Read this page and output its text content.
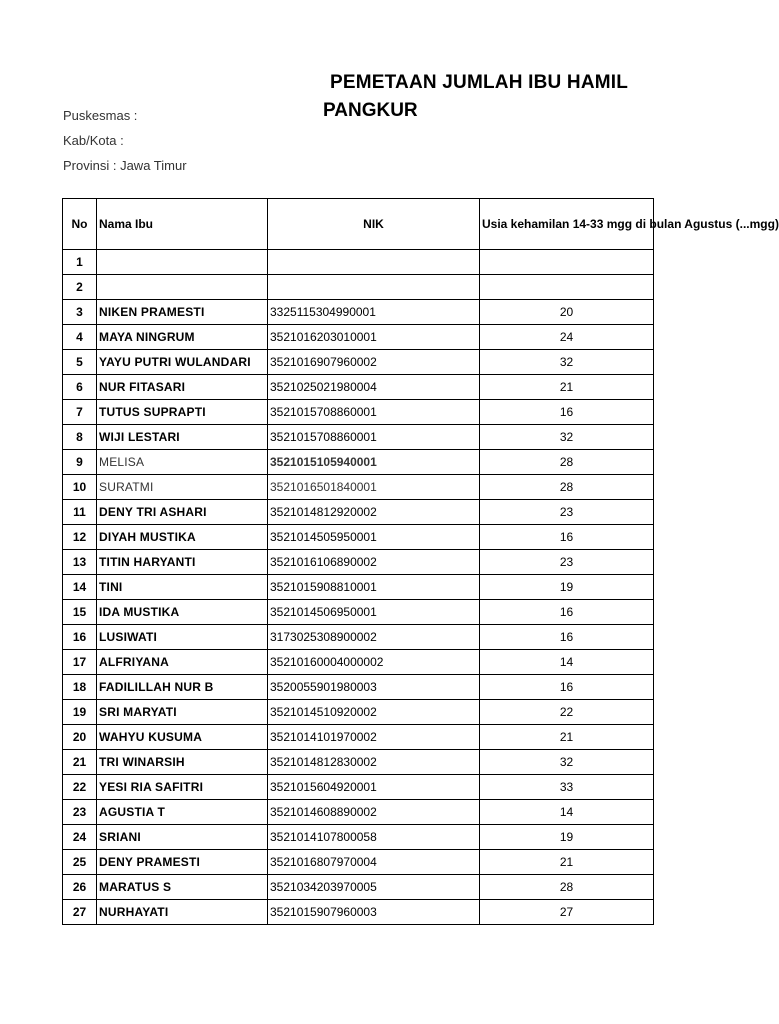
PEMETAAN JUMLAH IBU HAMIL
PANGKUR
Puskesmas :
Kab/Kota :
Provinsi : Jawa Timur
No	Nama Ibu	NIK	Usia kehamilan 14-33 mgg di bulan Agustus (...mgg)
1			
2			
3	NIKEN PRAMESTI	3325115304990001	20
4	MAYA NINGRUM	3521016203010001	24
5	YAYU PUTRI WULANDARI	3521016907960002	32
6	NUR FITASARI	3521025021980004	21
7	TUTUS SUPRAPTI	3521015708860001	16
8	WIJI LESTARI	3521015708860001	32
9	MELISA	3521015105940001	28
10	SURATMI	3521016501840001	28
11	DENY TRI ASHARI	3521014812920002	23
12	DIYAH MUSTIKA	3521014505950001	16
13	TITIN HARYANTI	3521016106890002	23
14	TINI	3521015908810001	19
15	IDA MUSTIKA	3521014506950001	16
16	LUSIWATI	3173025308900002	16
17	ALFRIYANA	35210160004000002	14
18	FADILILLAH NUR B	3520055901980003	16
19	SRI MARYATI	3521014510920002	22
20	WAHYU KUSUMA	3521014101970002	21
21	TRI WINARSIH	3521014812830002	32
22	YESI RIA SAFITRI	3521015604920001	33
23	AGUSTIA T	3521014608890002	14
24	SRIANI	3521014107800058	19
25	DENY PRAMESTI	3521016807970004	21
26	MARATUS S	3521034203970005	28
27	NURHAYATI	3521015907960003	27
